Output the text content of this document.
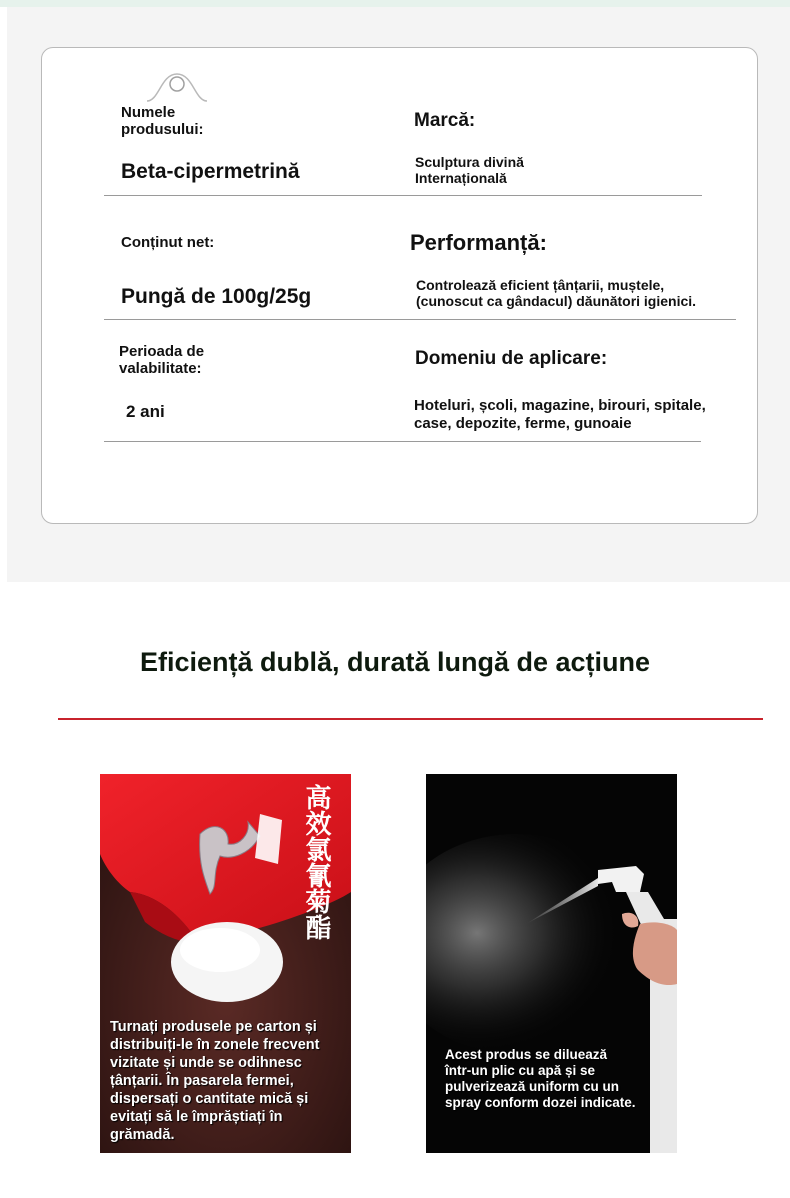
Numele produsului:	Marcă:
Beta-cipermetrină	Sculptura divină
Internațională
Conținut net:	Performanță:
Pungă de 100g/25g	Controlează eficient țânțarii, muștele,
(cunoscut ca gândacul) dăunători igienici.
Perioada de
valabilitate:	Domeniu de aplicare:
2 ani	Hoteluri, școli, magazine, birouri, spitale,
case, depozite, ferme, gunoaie
Eficiență dublă, durată lungă de acțiune
高效氯氰菊酯
Turnați produsele pe carton și
distribuiți-le în zonele frecvent
vizitate și unde se odihnesc
țânțarii. În pasarela fermei,
dispersați o cantitate mică și
evitați să le împrăștiați în
grămadă.
Acest produs se diluează
într-un plic cu apă și se
pulverizează uniform cu un
spray conform dozei indicate.
